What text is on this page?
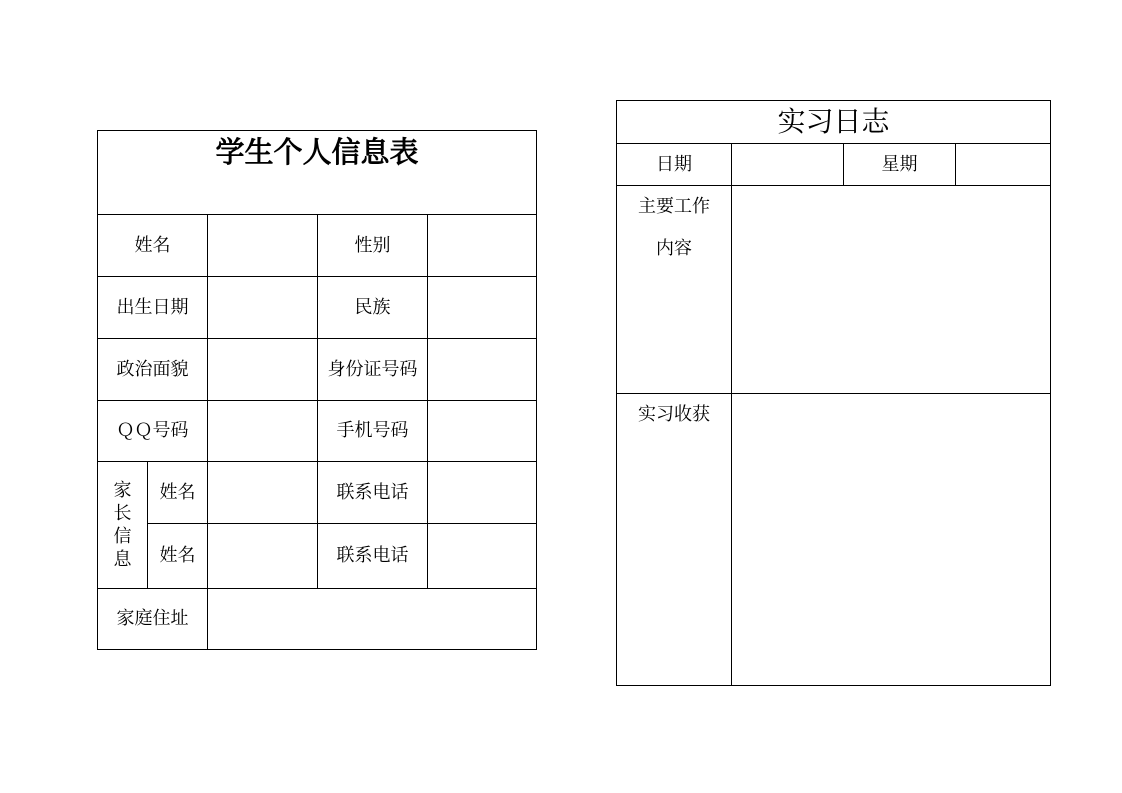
学生个人信息表
姓名	性别
出生日期	民族
政治面貌	身份证号码
ＱＱ号码	手机号码
家长信息
姓名	联系电话
姓名	联系电话
家庭住址
实习日志
日期	星期
主要工作内容
实习收获
